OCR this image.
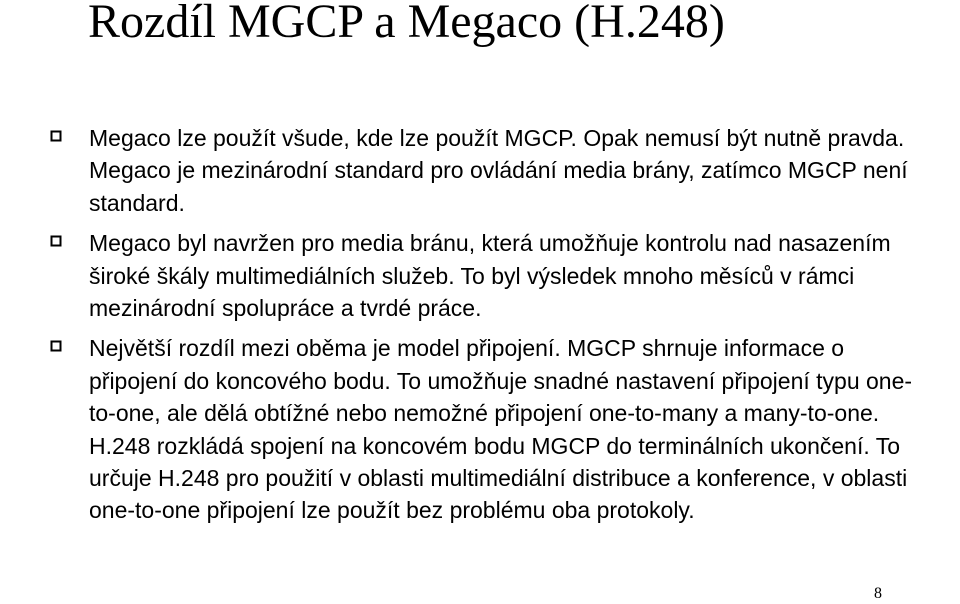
Rozdíl MGCP a Megaco (H.248)
Megaco lze použít všude, kde lze použít MGCP. Opak nemusí být nutně pravda. Megaco je mezinárodní standard pro ovládání media brány, zatímco MGCP není standard.
Megaco byl navržen pro media bránu, která umožňuje kontrolu nad nasazením široké škály multimediálních služeb. To byl výsledek mnoho měsíců v rámci mezinárodní spolupráce a tvrdé práce.
Největší rozdíl mezi oběma je model připojení. MGCP shrnuje informace o připojení do koncového bodu. To umožňuje snadné nastavení připojení typu one-to-one, ale dělá obtížné nebo nemožné připojení one-to-many a many-to-one. H.248 rozkládá spojení na koncovém bodu MGCP do terminálních ukončení. To určuje H.248 pro použití v oblasti multimediální distribuce a konference, v oblasti one-to-one připojení lze použít bez problému oba protokoly.
8
